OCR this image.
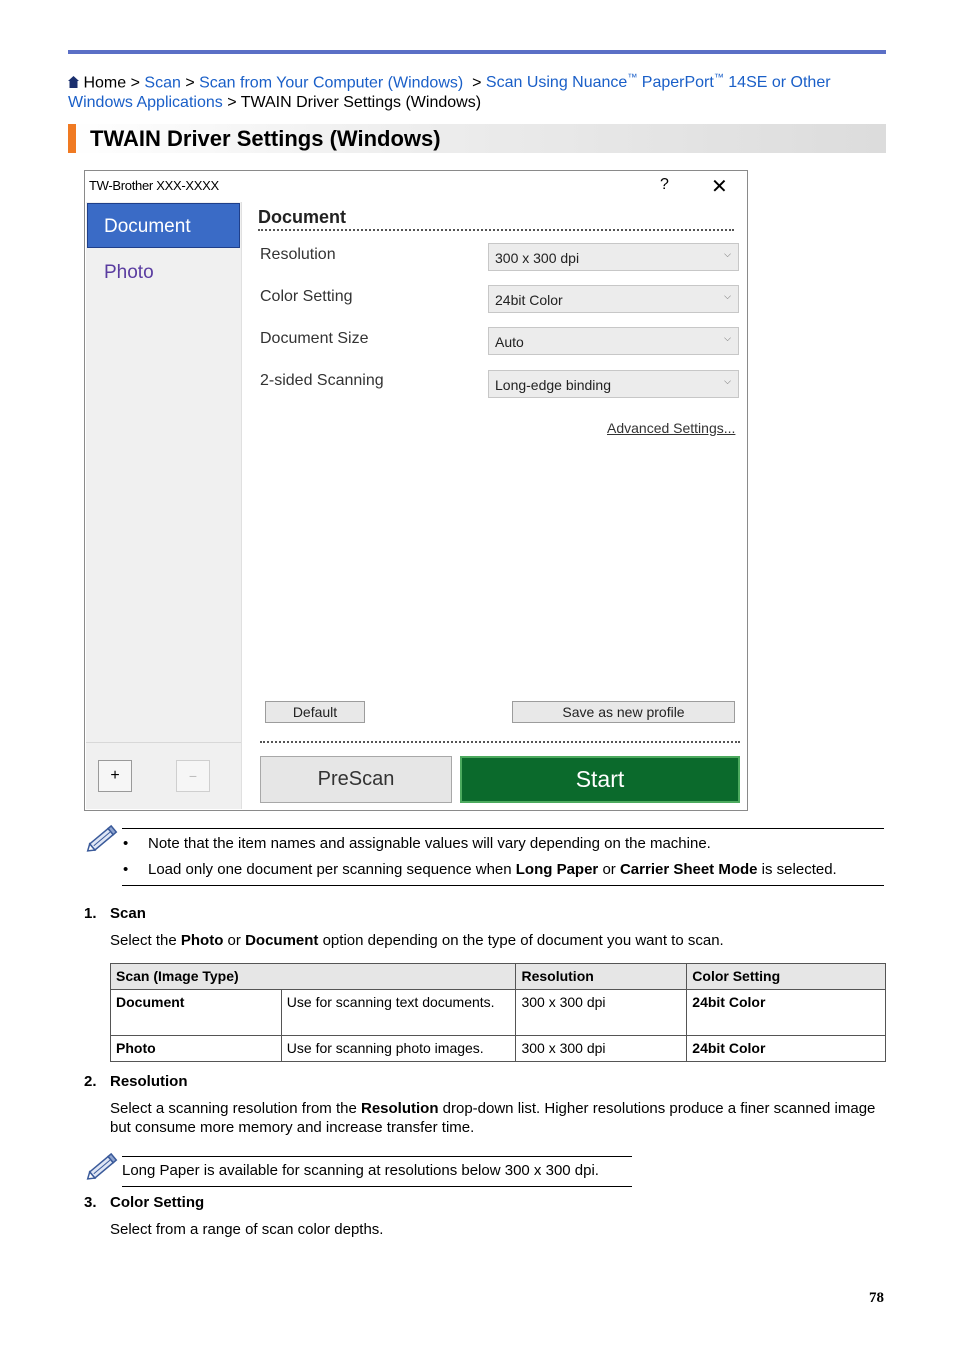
Home > Scan > Scan from Your Computer (Windows) > Scan Using Nuance™ PaperPort™ 14SE or Other
Windows Applications > TWAIN Driver Settings (Windows)
TWAIN Driver Settings (Windows)
TW-Brother XXX-XXXX	? ✕
Document
Photo
+	−
Document
Resolution	300 x 300 dpi	⌵
Color Setting	24bit Color	⌵
Document Size	Auto	⌵
2-sided Scanning	Long-edge binding	⌵
Advanced Settings...
Default	Save as new profile
PreScan	Start
• Note that the item names and assignable values will vary depending on the machine.
• Load only one document per scanning sequence when Long Paper or Carrier Sheet Mode is selected.
1. Scan
Select the Photo or Document option depending on the type of document you want to scan.
Scan (Image Type)		Resolution	Color Setting
Document	Use for scanning text documents.	300 x 300 dpi	24bit Color
Photo	Use for scanning photo images.	300 x 300 dpi	24bit Color
2. Resolution
Select a scanning resolution from the Resolution drop-down list. Higher resolutions produce a finer scanned image but consume more memory and increase transfer time.
Long Paper is available for scanning at resolutions below 300 x 300 dpi.
3. Color Setting
Select from a range of scan color depths.
78
